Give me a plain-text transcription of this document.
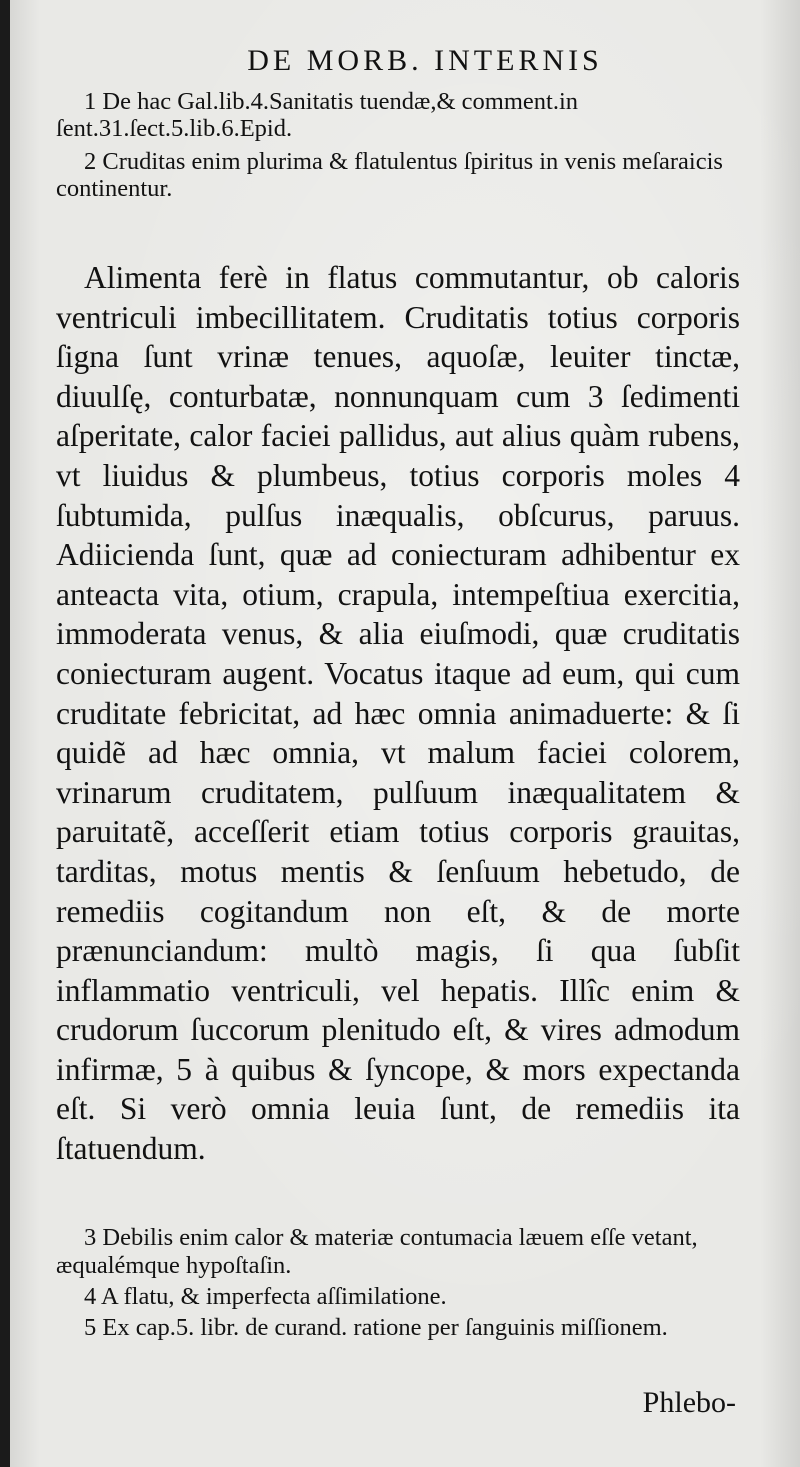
DE MORB. INTERNIS

1 De hac Gal.lib.4.Sanitatis tuendæ,& comment.in ſent.31.ſect.5.lib.6.Epid.

2 Cruditas enim plurima & flatulentus ſpiritus in venis meſaraicis continentur.

Alimenta ferè in flatus commutantur, ob caloris ventriculi imbecillitatem. Cruditatis totius corporis ſigna ſunt vrinæ tenues, aquoſæ, leuiter tinctæ, diuulſę, conturbatæ, nonnunquam cum 3 ſedimenti aſperitate, calor faciei pallidus, aut alius quàm rubens, vt liuidus & plumbeus, totius corporis moles 4 ſubtumida, pulſus inæqualis, obſcurus, paruus. Adiicienda ſunt, quæ ad coniecturam adhibentur ex anteacta vita, otium, crapula, intempeſtiua exercitia, immoderata venus, & alia eiuſmodi, quæ cruditatis coniecturam augent. Vocatus itaque ad eum, qui cum cruditate febricitat, ad hæc omnia animaduerte: & ſi quidẽ ad hæc omnia, vt malum faciei colorem, vrinarum cruditatem, pulſuum inæqualitatem & paruitatẽ, acceſſerit etiam totius corporis grauitas, tarditas, motus mentis & ſenſuum hebetudo, de remediis cogitandum non eſt, & de morte prænunciandum: multò magis, ſi qua ſubſit inflammatio ventriculi, vel hepatis. Illîc enim & crudorum ſuccorum plenitudo eſt, & vires admodum infirmæ, 5 à quibus & ſyncope, & mors expectanda eſt. Si verò omnia leuia ſunt, de remediis ita ſtatuendum.

3 Debilis enim calor & materiæ contumacia læuem eſſe vetant, æqualémque hypoſtaſin.

4 A flatu, & imperfecta aſſimilatione.

5 Ex cap.5. libr. de curand. ratione per ſanguinis miſſionem.

Phlebo-
